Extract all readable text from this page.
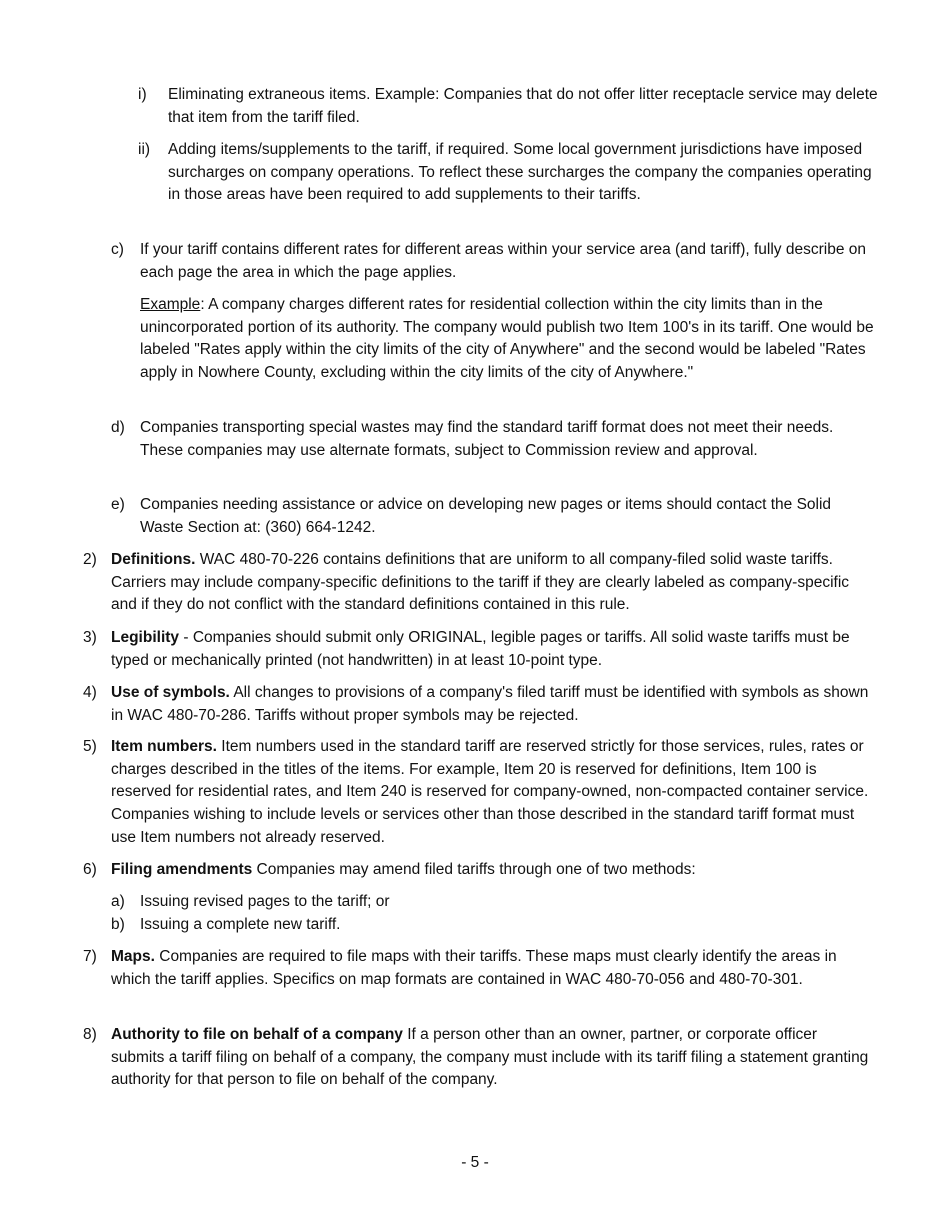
i)	Eliminating extraneous items. Example: Companies that do not offer litter receptacle service may delete that item from the tariff filed.
ii)	Adding items/supplements to the tariff, if required. Some local government jurisdictions have imposed surcharges on company operations. To reflect these surcharges the company the companies operating in those areas have been required to add supplements to their tariffs.
c)	If your tariff contains different rates for different areas within your service area (and tariff), fully describe on each page the area in which the page applies.
Example: A company charges different rates for residential collection within the city limits than in the unincorporated portion of its authority. The company would publish two Item 100's in its tariff. One would be labeled "Rates apply within the city limits of the city of Anywhere" and the second would be labeled "Rates apply in Nowhere County, excluding within the city limits of the city of Anywhere."
d) Companies transporting special wastes may find the standard tariff format does not meet their needs. These companies may use alternate formats, subject to Commission review and approval.
e) Companies needing assistance or advice on developing new pages or items should contact the Solid Waste Section at: (360) 664-1242.
2) Definitions. WAC 480-70-226 contains definitions that are uniform to all company-filed solid waste tariffs. Carriers may include company-specific definitions to the tariff if they are clearly labeled as company-specific and if they do not conflict with the standard definitions contained in this rule.
3) Legibility - Companies should submit only ORIGINAL, legible pages or tariffs. All solid waste tariffs must be typed or mechanically printed (not handwritten) in at least 10-point type.
4) Use of symbols. All changes to provisions of a company's filed tariff must be identified with symbols as shown in WAC 480-70-286. Tariffs without proper symbols may be rejected.
5) Item numbers. Item numbers used in the standard tariff are reserved strictly for those services, rules, rates or charges described in the titles of the items. For example, Item 20 is reserved for definitions, Item 100 is reserved for residential rates, and Item 240 is reserved for company-owned, non-compacted container service. Companies wishing to include levels or services other than those described in the standard tariff format must use Item numbers not already reserved.
6) Filing amendments Companies may amend filed tariffs through one of two methods:
a) Issuing revised pages to the tariff; or
b) Issuing a complete new tariff.
7) Maps. Companies are required to file maps with their tariffs. These maps must clearly identify the areas in which the tariff applies. Specifics on map formats are contained in WAC 480-70-056 and 480-70-301.
8) Authority to file on behalf of a company If a person other than an owner, partner, or corporate officer submits a tariff filing on behalf of a company, the company must include with its tariff filing a statement granting authority for that person to file on behalf of the company.
- 5 -
